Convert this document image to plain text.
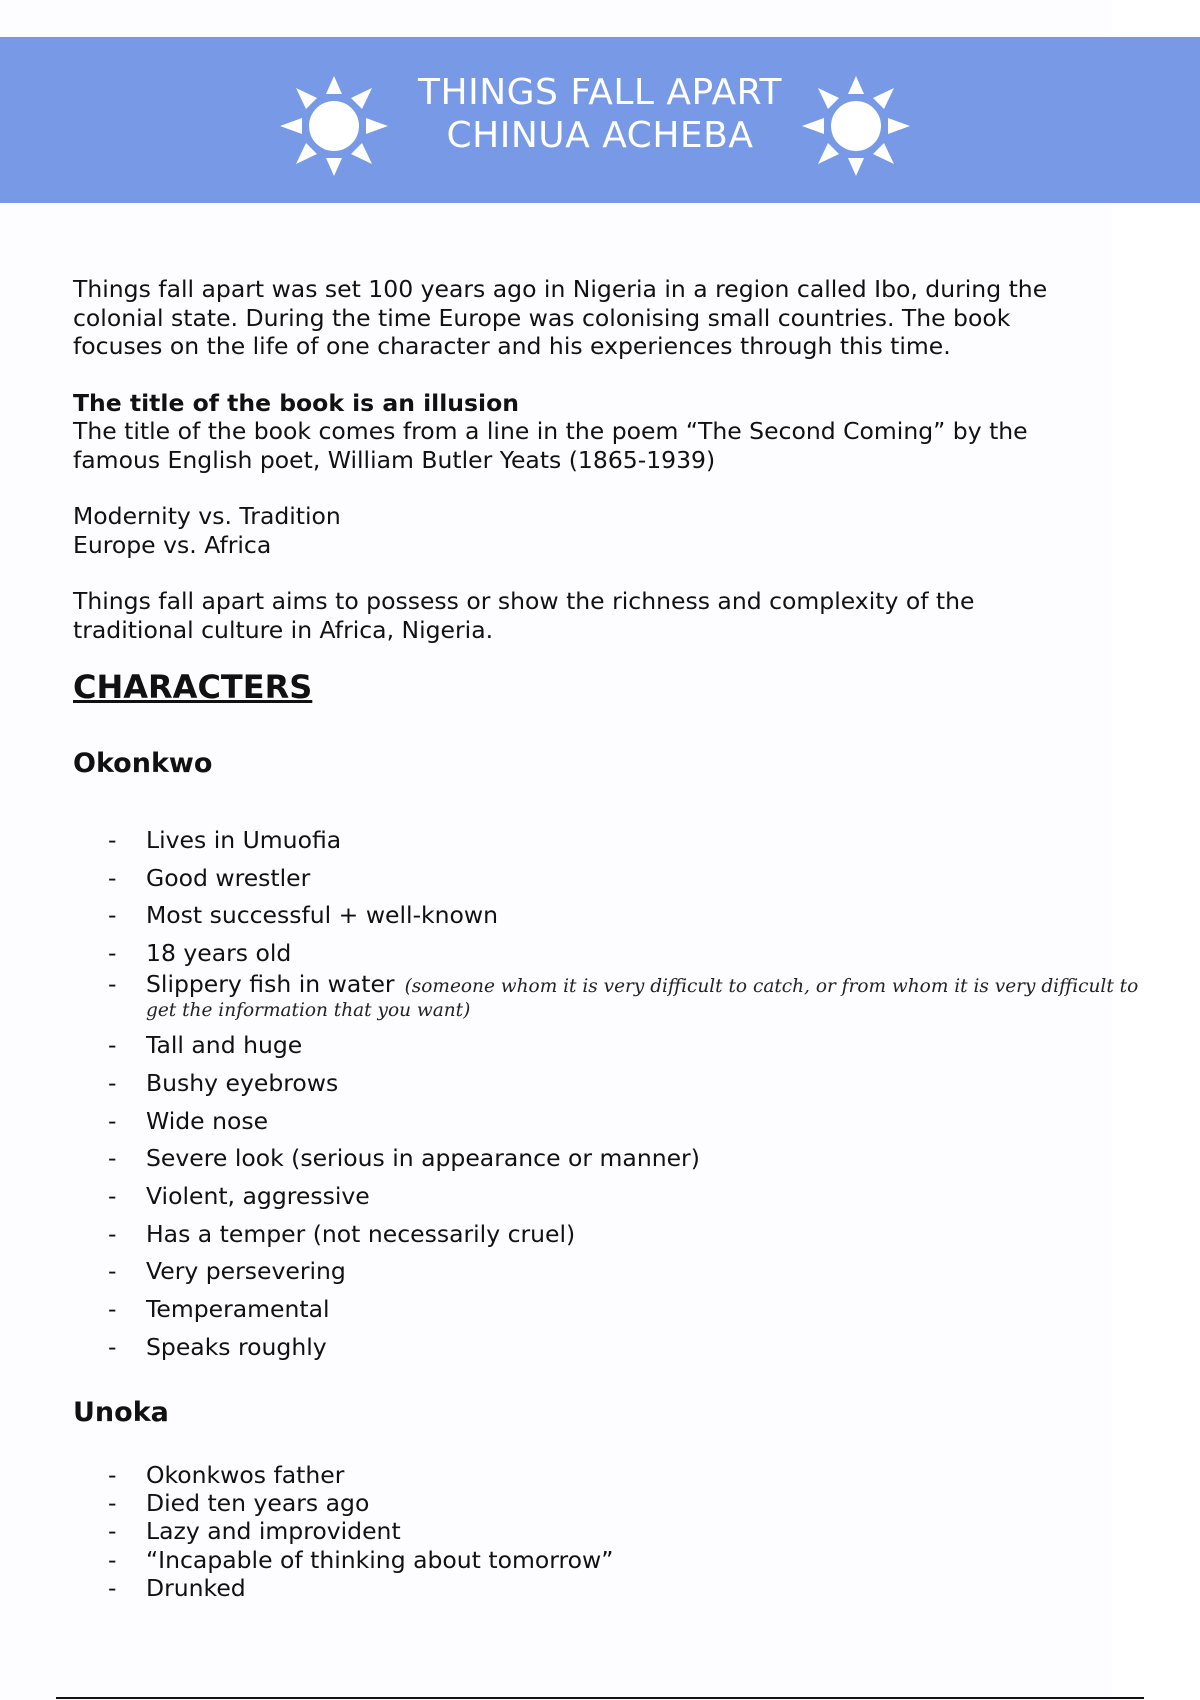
THINGS FALL APART
CHINUA ACHEBA
Things fall apart was set 100 years ago in Nigeria in a region called Ibo, during the
colonial state. During the time Europe was colonising small countries. The book
focuses on the life of one character and his experiences through this time.
The title of the book is an illusion
The title of the book comes from a line in the poem “The Second Coming” by the
famous English poet, William Butler Yeats (1865-1939)
Modernity vs. Tradition
Europe vs. Africa
Things fall apart aims to possess or show the richness and complexity of the
traditional culture in Africa, Nigeria.
CHARACTERS
Okonkwo
- Lives in Umuofia
- Good wrestler
- Most successful + well-known
- 18 years old
- Slippery fish in water (someone whom it is very difficult to catch, or from whom it is very difficult to
get the information that you want)
- Tall and huge
- Bushy eyebrows
- Wide nose
- Severe look (serious in appearance or manner)
- Violent, aggressive
- Has a temper (not necessarily cruel)
- Very persevering
- Temperamental
- Speaks roughly
Unoka
- Okonkwos father
- Died ten years ago
- Lazy and improvident
- “Incapable of thinking about tomorrow”
- Drunked
